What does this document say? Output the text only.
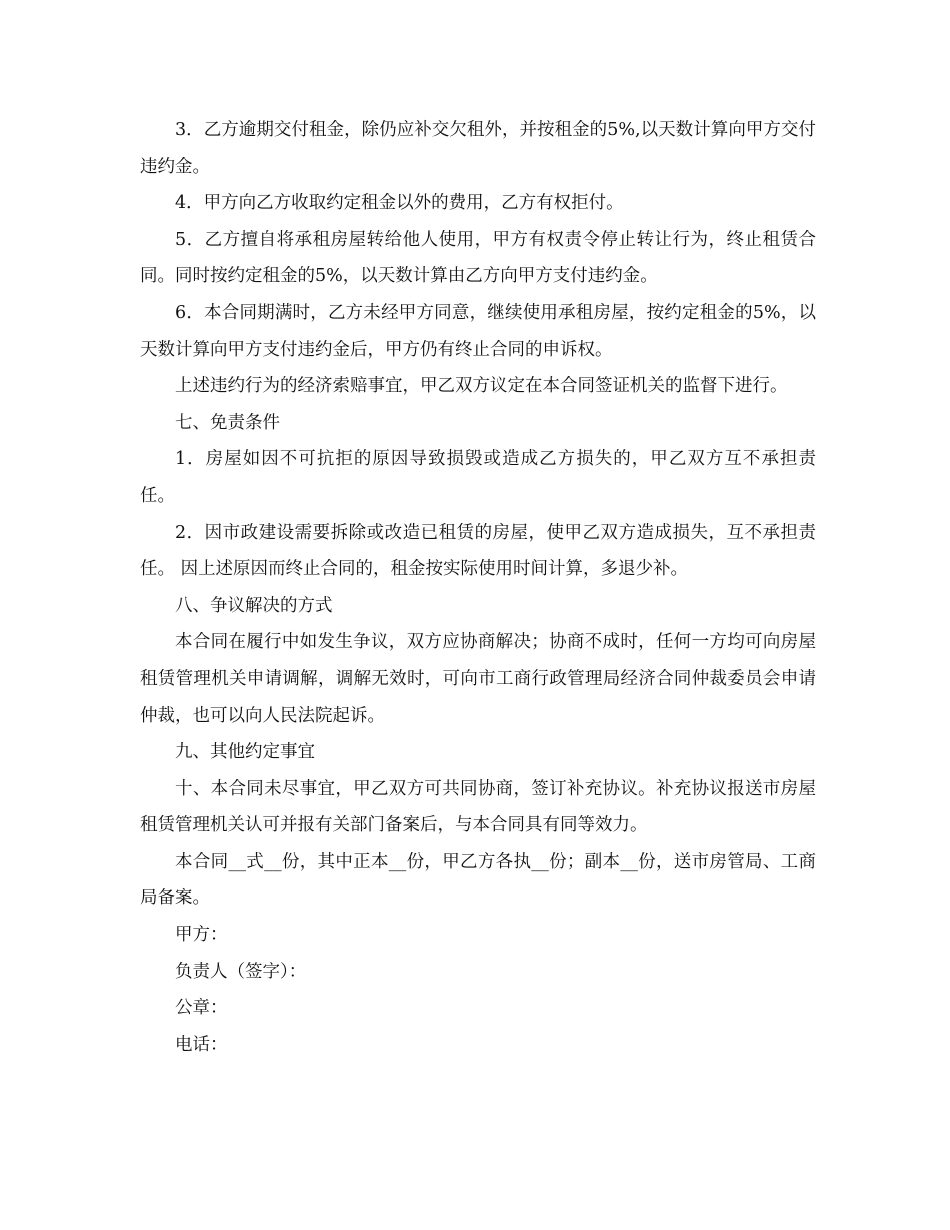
3．乙方逾期交付租金，除仍应补交欠租外，并按租金的5%,以天数计算向甲方交付违约金。

4．甲方向乙方收取约定租金以外的费用，乙方有权拒付。

5．乙方擅自将承租房屋转给他人使用，甲方有权责令停止转让行为，终止租赁合同。同时按约定租金的5%，以天数计算由乙方向甲方支付违约金。

6．本合同期满时，乙方未经甲方同意，继续使用承租房屋，按约定租金的5%，以天数计算向甲方支付违约金后，甲方仍有终止合同的申诉权。

上述违约行为的经济索赔事宜，甲乙双方议定在本合同签证机关的监督下进行。

七、免责条件

1．房屋如因不可抗拒的原因导致损毁或造成乙方损失的，甲乙双方互不承担责任。

2．因市政建设需要拆除或改造已租赁的房屋，使甲乙双方造成损失，互不承担责任。 因上述原因而终止合同的，租金按实际使用时间计算，多退少补。

八、争议解决的方式

本合同在履行中如发生争议，双方应协商解决；协商不成时，任何一方均可向房屋租赁管理机关申请调解，调解无效时，可向市工商行政管理局经济合同仲裁委员会申请仲裁，也可以向人民法院起诉。

九、其他约定事宜

十、本合同未尽事宜，甲乙双方可共同协商，签订补充协议。补充协议报送市房屋租赁管理机关认可并报有关部门备案后，与本合同具有同等效力。

本合同__式__份，其中正本__份，甲乙方各执__份；副本__份，送市房管局、工商局备案。

甲方：

负责人（签字）：

公章：

电话：
